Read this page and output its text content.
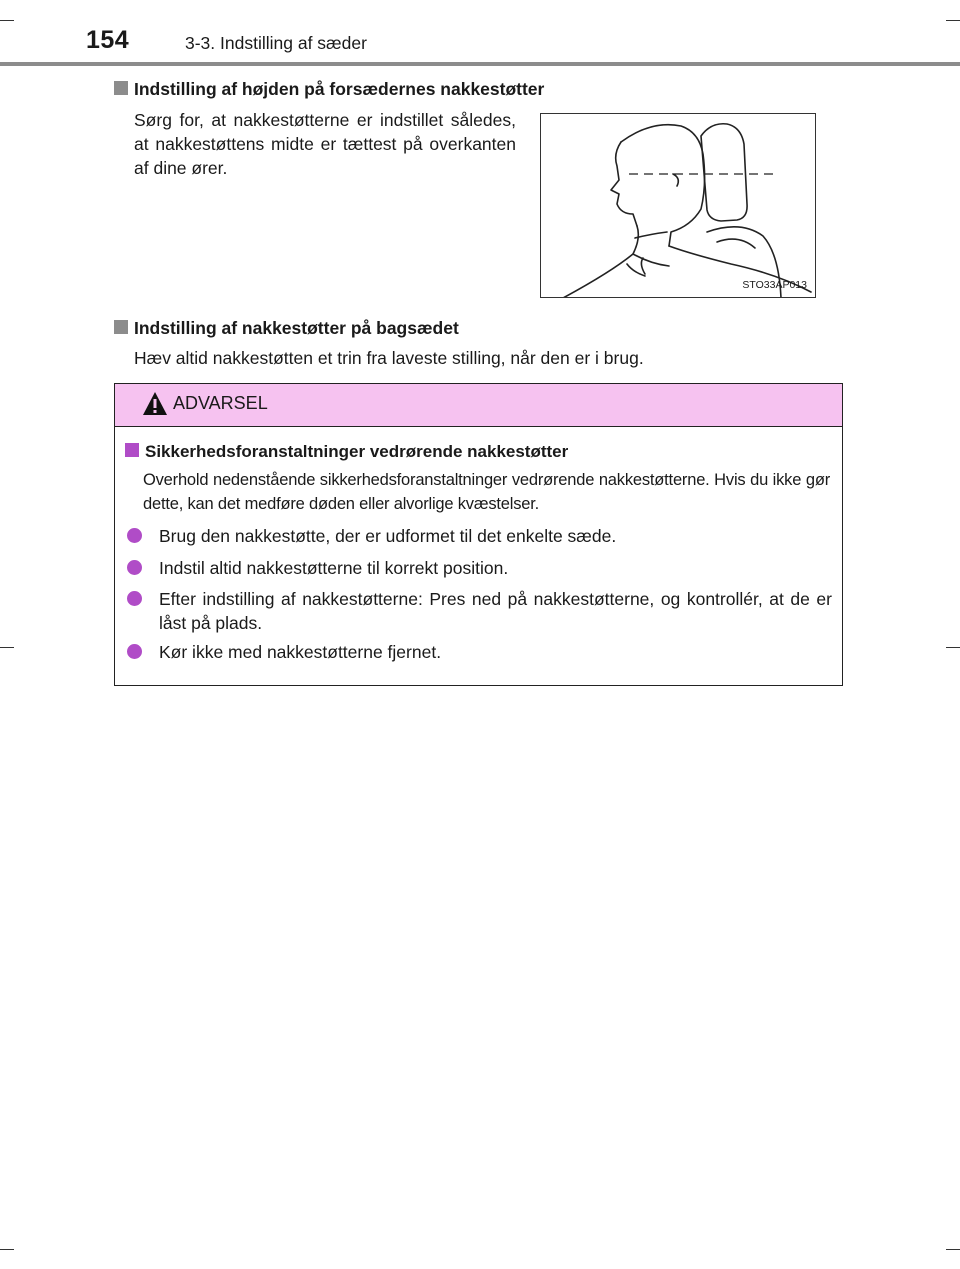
154	3-3. Indstilling af sæder
Indstilling af højden på forsædernes nakkestøtter
Sørg for, at nakkestøtterne er indstillet således, at nakkestøttens midte er tættest på overkanten af dine ører.
STO33AP013
Indstilling af nakkestøtter på bagsædet
Hæv altid nakkestøtten et trin fra laveste stilling, når den er i brug.
ADVARSEL
Sikkerhedsforanstaltninger vedrørende nakkestøtter
Overhold nedenstående sikkerhedsforanstaltninger vedrørende nakkestøtterne. Hvis du ikke gør dette, kan det medføre døden eller alvorlige kvæstelser.
Brug den nakkestøtte, der er udformet til det enkelte sæde.
Indstil altid nakkestøtterne til korrekt position.
Efter indstilling af nakkestøtterne: Pres ned på nakkestøtterne, og kontrollér, at de er låst på plads.
Kør ikke med nakkestøtterne fjernet.
